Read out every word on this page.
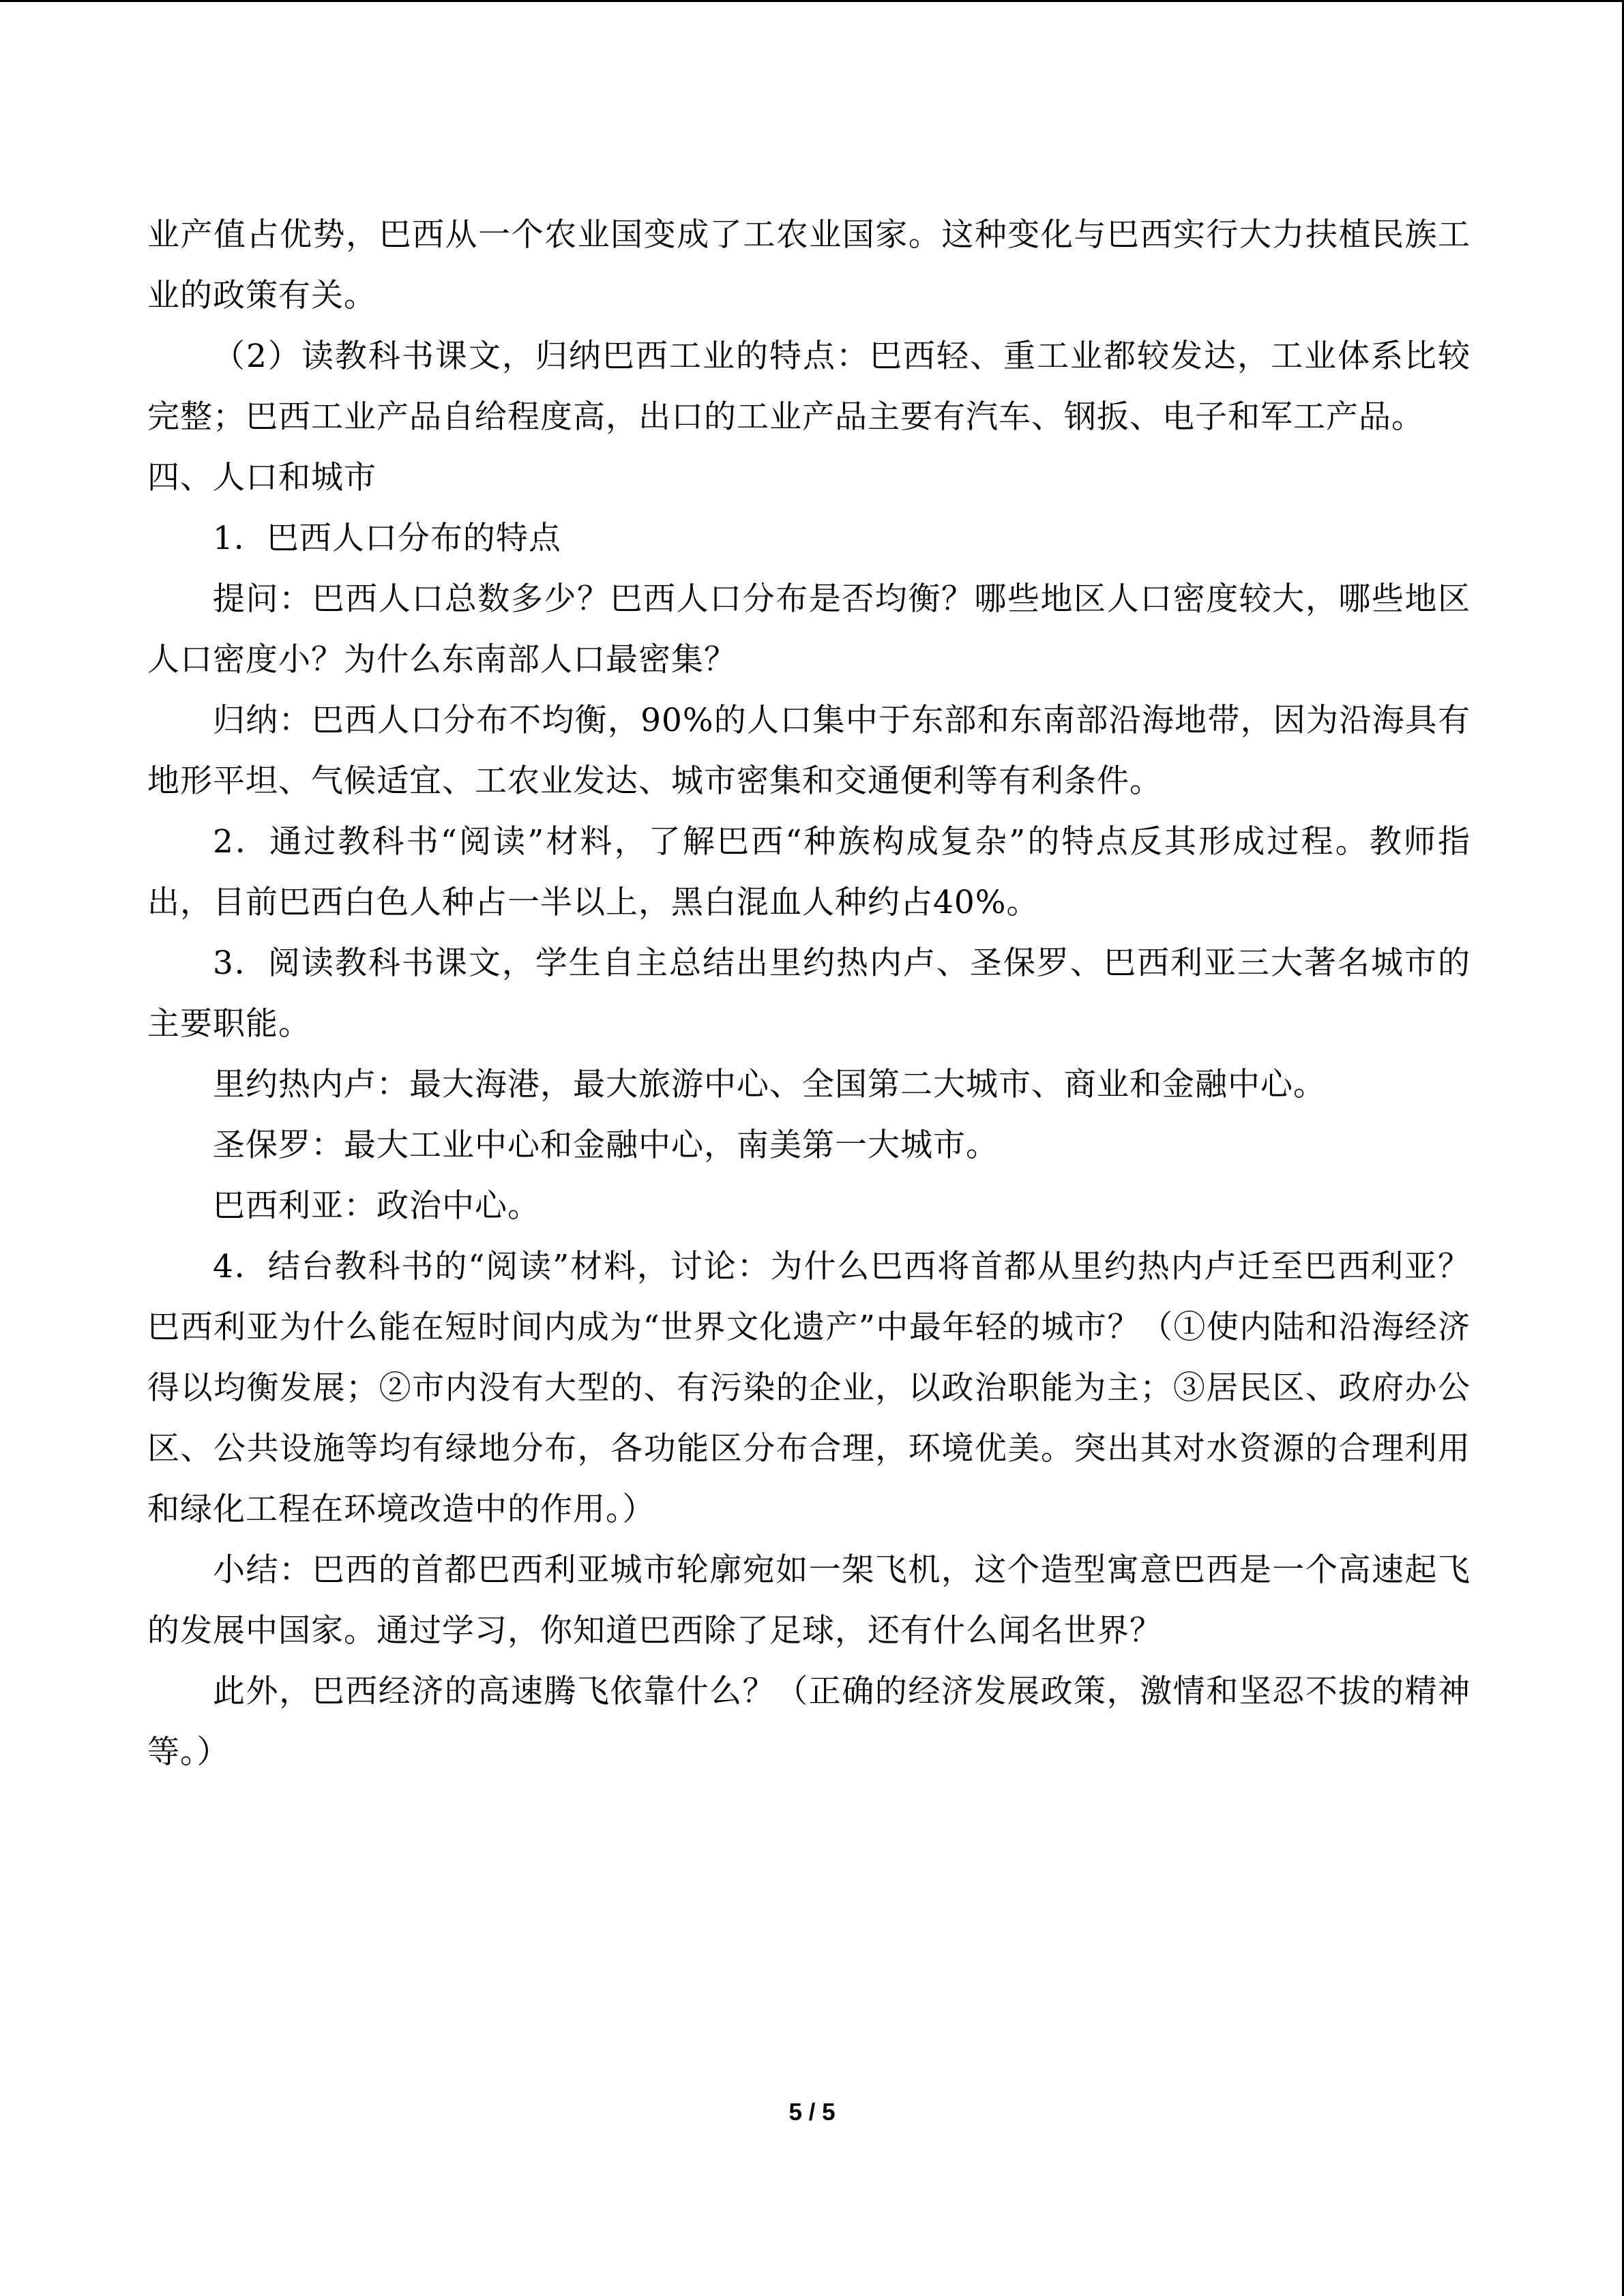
业产值占优势，巴西从一个农业国变成了工农业国家。这种变化与巴西实行大力扶植民族工业的政策有关。

（2）读教科书课文，归纳巴西工业的特点：巴西轻、重工业都较发达，工业体系比较完整；巴西工业产品自给程度高，出口的工业产品主要有汽车、钢扳、电子和军工产品。

四、人口和城市

1．巴西人口分布的特点

提问：巴西人口总数多少？巴西人口分布是否均衡？哪些地区人口密度较大，哪些地区人口密度小？为什么东南部人口最密集？

归纳：巴西人口分布不均衡，90%的人口集中于东部和东南部沿海地带，因为沿海具有地形平坦、气候适宜、工农业发达、城市密集和交通便利等有利条件。

2．通过教科书“阅读”材料，了解巴西“种族构成复杂”的特点反其形成过程。教师指出，目前巴西白色人种占一半以上，黑白混血人种约占40%。

3．阅读教科书课文，学生自主总结出里约热内卢、圣保罗、巴西利亚三大著名城市的主要职能。

里约热内卢：最大海港，最大旅游中心、全国第二大城市、商业和金融中心。

圣保罗：最大工业中心和金融中心，南美第一大城市。

巴西利亚：政治中心。

4．结台教科书的“阅读”材料，讨论：为什么巴西将首都从里约热内卢迁至巴西利亚？巴西利亚为什么能在短时间内成为“世界文化遗产”中最年轻的城市？（①使内陆和沿海经济得以均衡发展；②市内没有大型的、有污染的企业，以政治职能为主；③居民区、政府办公区、公共设施等均有绿地分布，各功能区分布合理，环境优美。突出其对水资源的合理利用和绿化工程在环境改造中的作用。）

小结：巴西的首都巴西利亚城市轮廓宛如一架飞机，这个造型寓意巴西是一个高速起飞的发展中国家。通过学习，你知道巴西除了足球，还有什么闻名世界？

此外，巴西经济的高速腾飞依靠什么？（正确的经济发展政策，激情和坚忍不拔的精神等。）

5 / 5
